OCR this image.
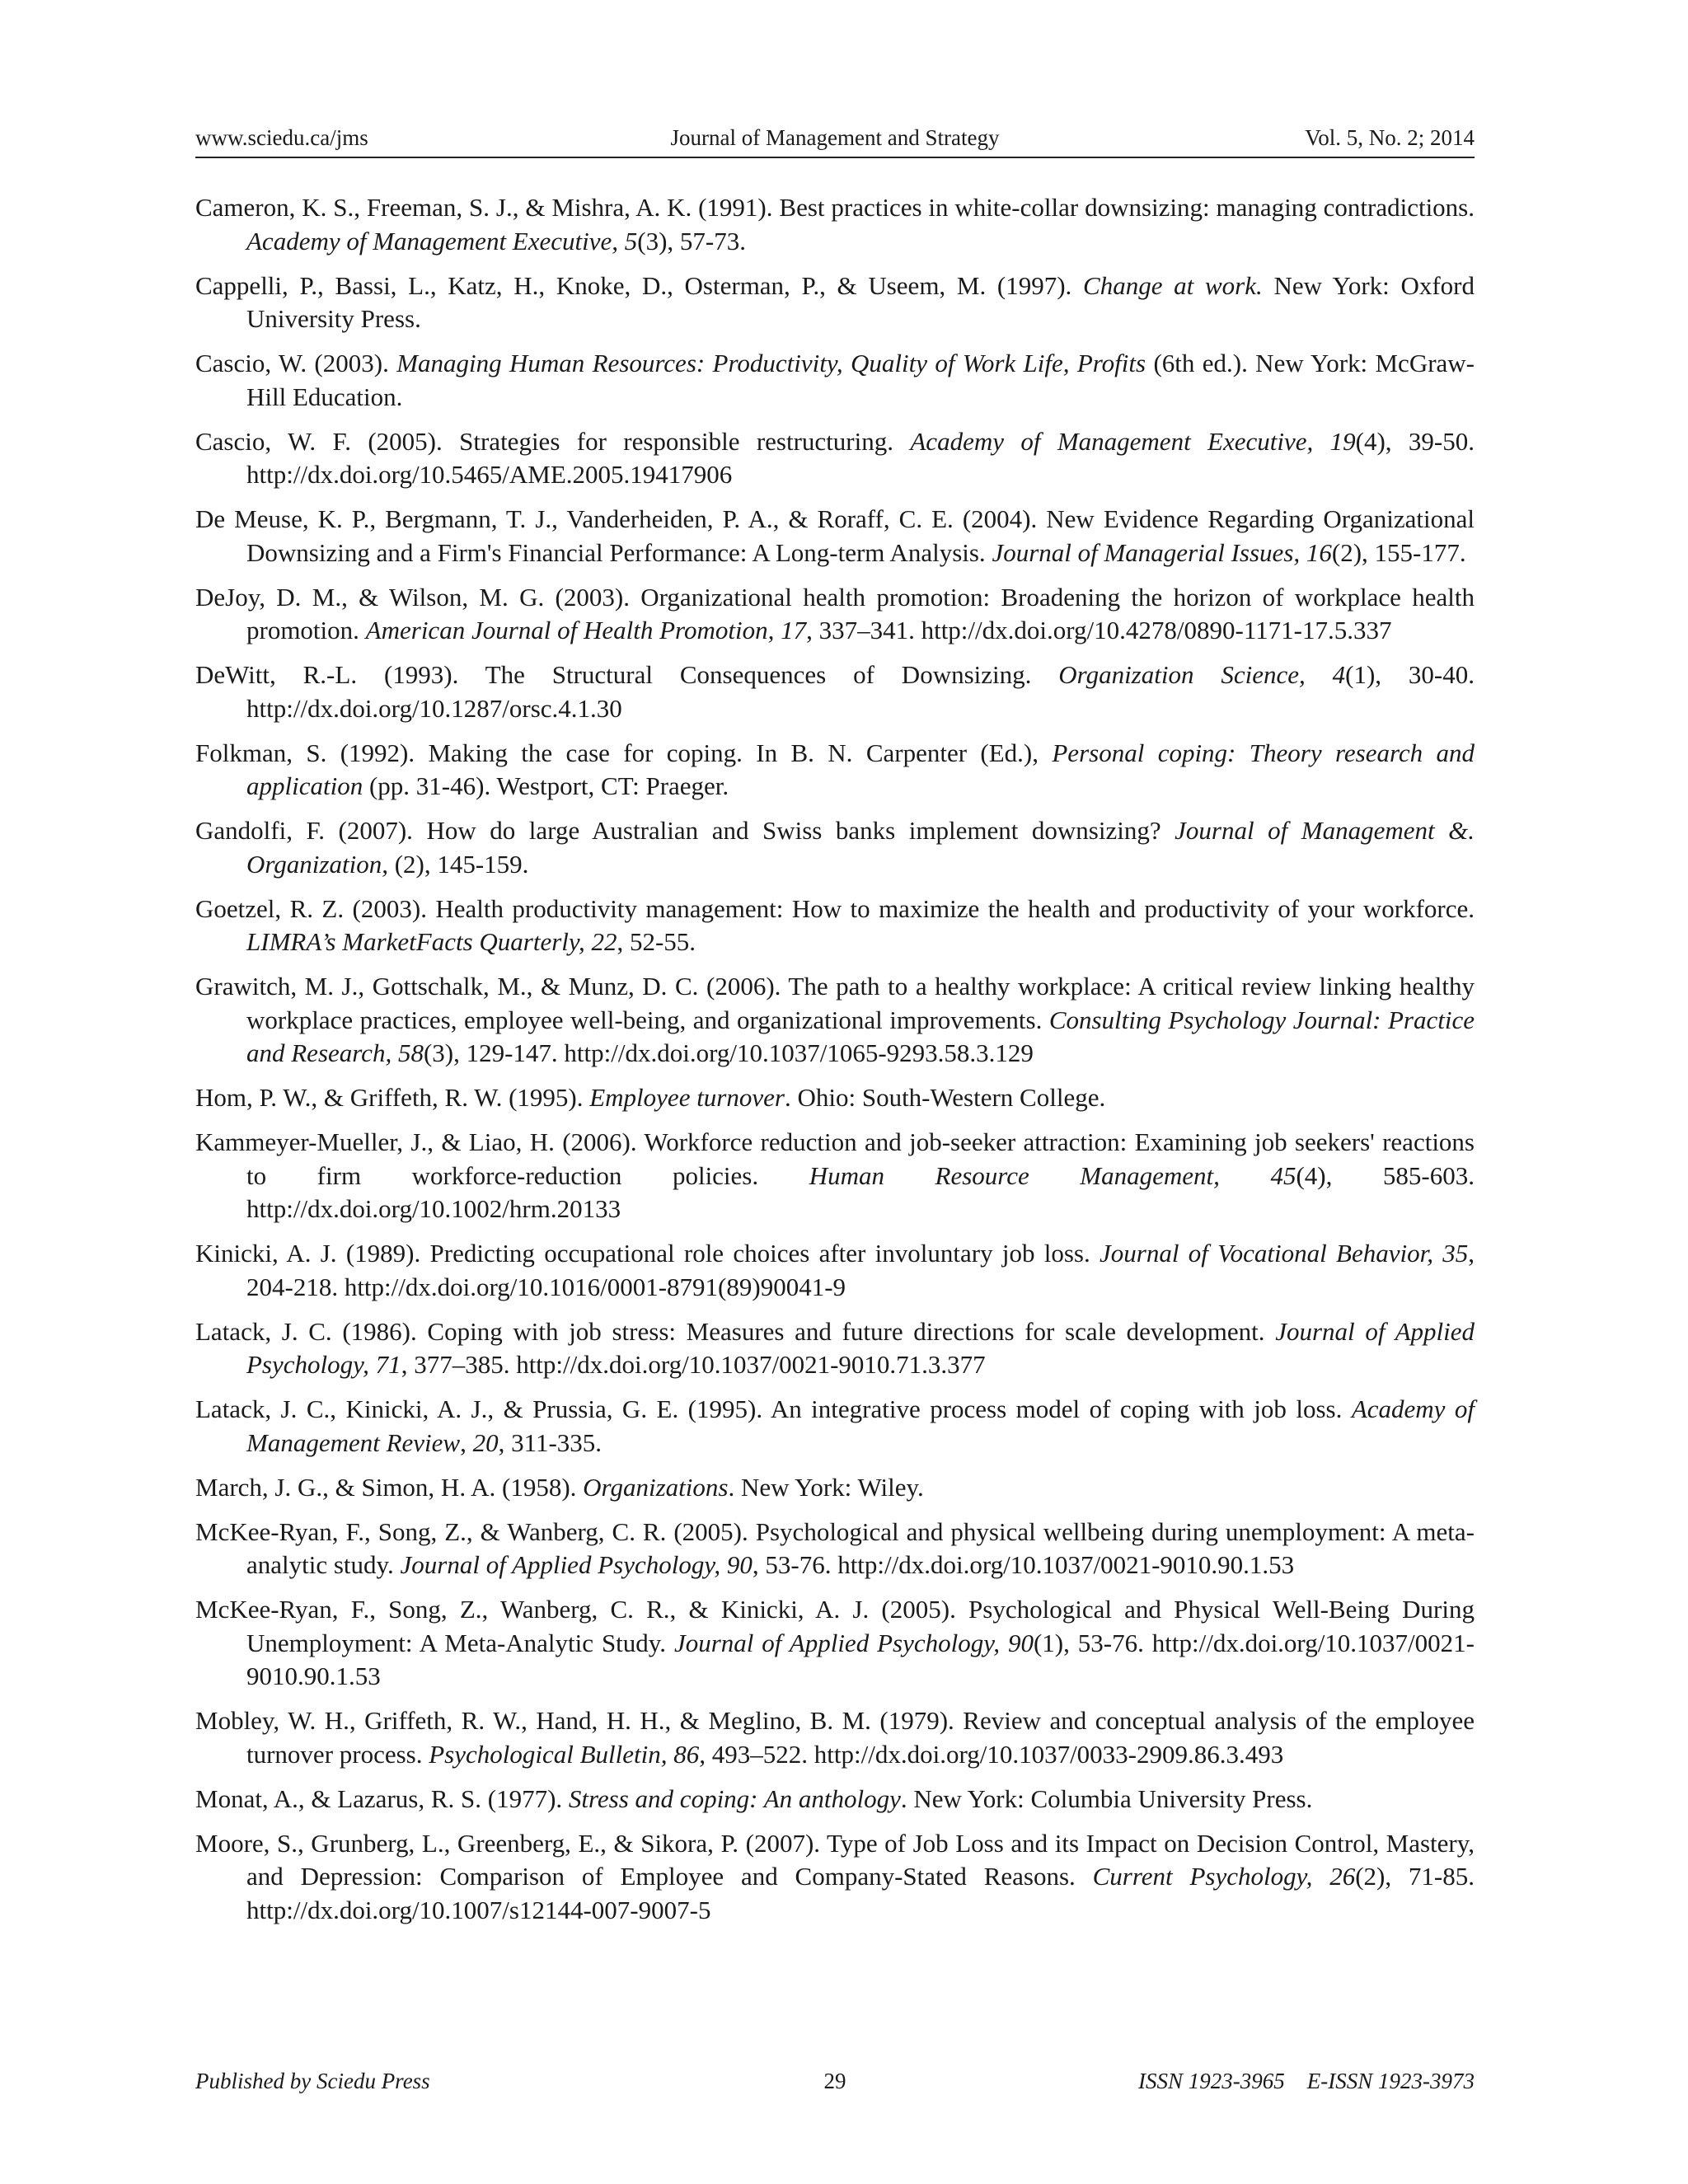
www.sciedu.ca/jms	Journal of Management and Strategy	Vol. 5, No. 2; 2014

Cameron, K. S., Freeman, S. J., & Mishra, A. K. (1991). Best practices in white-collar downsizing: managing contradictions. Academy of Management Executive, 5(3), 57-73.

Cappelli, P., Bassi, L., Katz, H., Knoke, D., Osterman, P., & Useem, M. (1997). Change at work. New York: Oxford University Press.

Cascio, W. (2003). Managing Human Resources: Productivity, Quality of Work Life, Profits (6th ed.). New York: McGraw-Hill Education.

Cascio, W. F. (2005). Strategies for responsible restructuring. Academy of Management Executive, 19(4), 39-50. http://dx.doi.org/10.5465/AME.2005.19417906

De Meuse, K. P., Bergmann, T. J., Vanderheiden, P. A., & Roraff, C. E. (2004). New Evidence Regarding Organizational Downsizing and a Firm's Financial Performance: A Long-term Analysis. Journal of Managerial Issues, 16(2), 155-177.

DeJoy, D. M., & Wilson, M. G. (2003). Organizational health promotion: Broadening the horizon of workplace health promotion. American Journal of Health Promotion, 17, 337–341. http://dx.doi.org/10.4278/0890-1171-17.5.337

DeWitt, R.-L. (1993). The Structural Consequences of Downsizing. Organization Science, 4(1), 30-40. http://dx.doi.org/10.1287/orsc.4.1.30

Folkman, S. (1992). Making the case for coping. In B. N. Carpenter (Ed.), Personal coping: Theory research and application (pp. 31-46). Westport, CT: Praeger.

Gandolfi, F. (2007). How do large Australian and Swiss banks implement downsizing? Journal of Management &. Organization, (2), 145-159.

Goetzel, R. Z. (2003). Health productivity management: How to maximize the health and productivity of your workforce. LIMRA’s MarketFacts Quarterly, 22, 52-55.

Grawitch, M. J., Gottschalk, M., & Munz, D. C. (2006). The path to a healthy workplace: A critical review linking healthy workplace practices, employee well-being, and organizational improvements. Consulting Psychology Journal: Practice and Research, 58(3), 129-147. http://dx.doi.org/10.1037/1065-9293.58.3.129

Hom, P. W., & Griffeth, R. W. (1995). Employee turnover. Ohio: South-Western College.

Kammeyer-Mueller, J., & Liao, H. (2006). Workforce reduction and job-seeker attraction: Examining job seekers' reactions to firm workforce-reduction policies. Human Resource Management, 45(4), 585-603. http://dx.doi.org/10.1002/hrm.20133

Kinicki, A. J. (1989). Predicting occupational role choices after involuntary job loss. Journal of Vocational Behavior, 35, 204-218. http://dx.doi.org/10.1016/0001-8791(89)90041-9

Latack, J. C. (1986). Coping with job stress: Measures and future directions for scale development. Journal of Applied Psychology, 71, 377–385. http://dx.doi.org/10.1037/0021-9010.71.3.377

Latack, J. C., Kinicki, A. J., & Prussia, G. E. (1995). An integrative process model of coping with job loss. Academy of Management Review, 20, 311-335.

March, J. G., & Simon, H. A. (1958). Organizations. New York: Wiley.

McKee-Ryan, F., Song, Z., & Wanberg, C. R. (2005). Psychological and physical wellbeing during unemployment: A meta-analytic study. Journal of Applied Psychology, 90, 53-76. http://dx.doi.org/10.1037/0021-9010.90.1.53

McKee-Ryan, F., Song, Z., Wanberg, C. R., & Kinicki, A. J. (2005). Psychological and Physical Well-Being During Unemployment: A Meta-Analytic Study. Journal of Applied Psychology, 90(1), 53-76. http://dx.doi.org/10.1037/0021-9010.90.1.53

Mobley, W. H., Griffeth, R. W., Hand, H. H., & Meglino, B. M. (1979). Review and conceptual analysis of the employee turnover process. Psychological Bulletin, 86, 493–522. http://dx.doi.org/10.1037/0033-2909.86.3.493

Monat, A., & Lazarus, R. S. (1977). Stress and coping: An anthology. New York: Columbia University Press.

Moore, S., Grunberg, L., Greenberg, E., & Sikora, P. (2007). Type of Job Loss and its Impact on Decision Control, Mastery, and Depression: Comparison of Employee and Company-Stated Reasons. Current Psychology, 26(2), 71-85. http://dx.doi.org/10.1007/s12144-007-9007-5

Published by Sciedu Press	29	ISSN 1923-3965    E-ISSN 1923-3973
